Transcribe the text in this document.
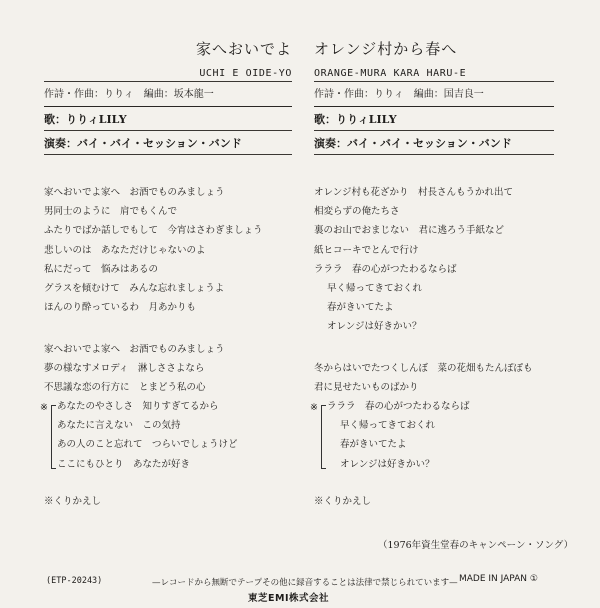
家へおいでよ
UCHI E OIDE-YO
作詩・作曲：りりィ　編曲：坂本龍一
歌：りりィLILY
演奏：バイ・バイ・セッション・バンド
オレンジ村から春へ
ORANGE-MURA KARA HARU-E
作詩・作曲：りりィ　編曲：国吉良一
歌：りりィLILY
演奏：バイ・バイ・セッション・バンド
家へおいでよ家へ　お酒でものみましょう
男同士のように　肩でもくんで
ふたりでばか話しでもして　今宵はさわぎましょう
悲しいのは　あなただけじゃないのよ
私にだって　悩みはあるの
グラスを傾むけて　みんな忘れましょうよ
ほんのり酔っているわ　月あかりも
家へおいでよ家へ　お酒でものみましょう
夢の様なすメロディ　淋しささよなら
不思議な恋の行方に　とまどう私の心
※ あなたのやさしさ　知りすぎてるから
あなたに言えない　この気持
あの人のこと忘れて　つらいでしょうけど
ここにもひとり　あなたが好き
※くりかえし
オレンジ村も花ざかり　村長さんもうかれ出て
相変らずの俺たちさ
裏のお山でおまじない　君に逃ろう手紙など
紙ヒコーキでとんで行け
ラララ　春の心がつたわるならば
早く帰ってきておくれ
春がきいてたよ
オレンジは好きかい？
冬からはいでたつくしんぼ　菜の花畑もたんぽぽも
君に見せたいものばかり
※ ラララ　春の心がつたわるならば
早く帰ってきておくれ
春がきいてたよ
オレンジは好きかい？
※くりかえし
（1976年資生堂春のキャンペーン・ソング）
(ETP-20243)	—レコードから無断でテープその他に録音することは法律で禁じられています— MADE IN JAPAN ①
東芝EMI株式会社
